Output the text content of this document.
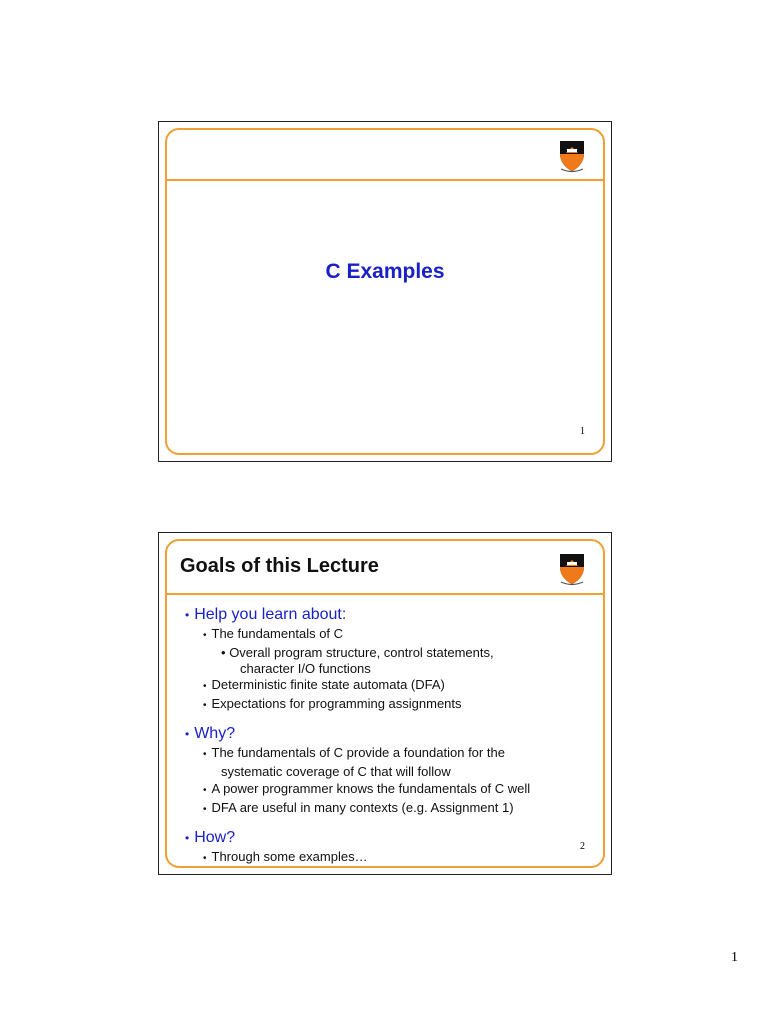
C Examples
1
Goals of this Lecture
• Help you learn about:
• The fundamentals of C
• Overall program structure, control statements,
character I/O functions
• Deterministic finite state automata (DFA)
• Expectations for programming assignments
• Why?
• The fundamentals of C provide a foundation for the
systematic coverage of C that will follow
• A power programmer knows the fundamentals of C well
• DFA are useful in many contexts (e.g. Assignment 1)
• How?
• Through some examples…
2
1
